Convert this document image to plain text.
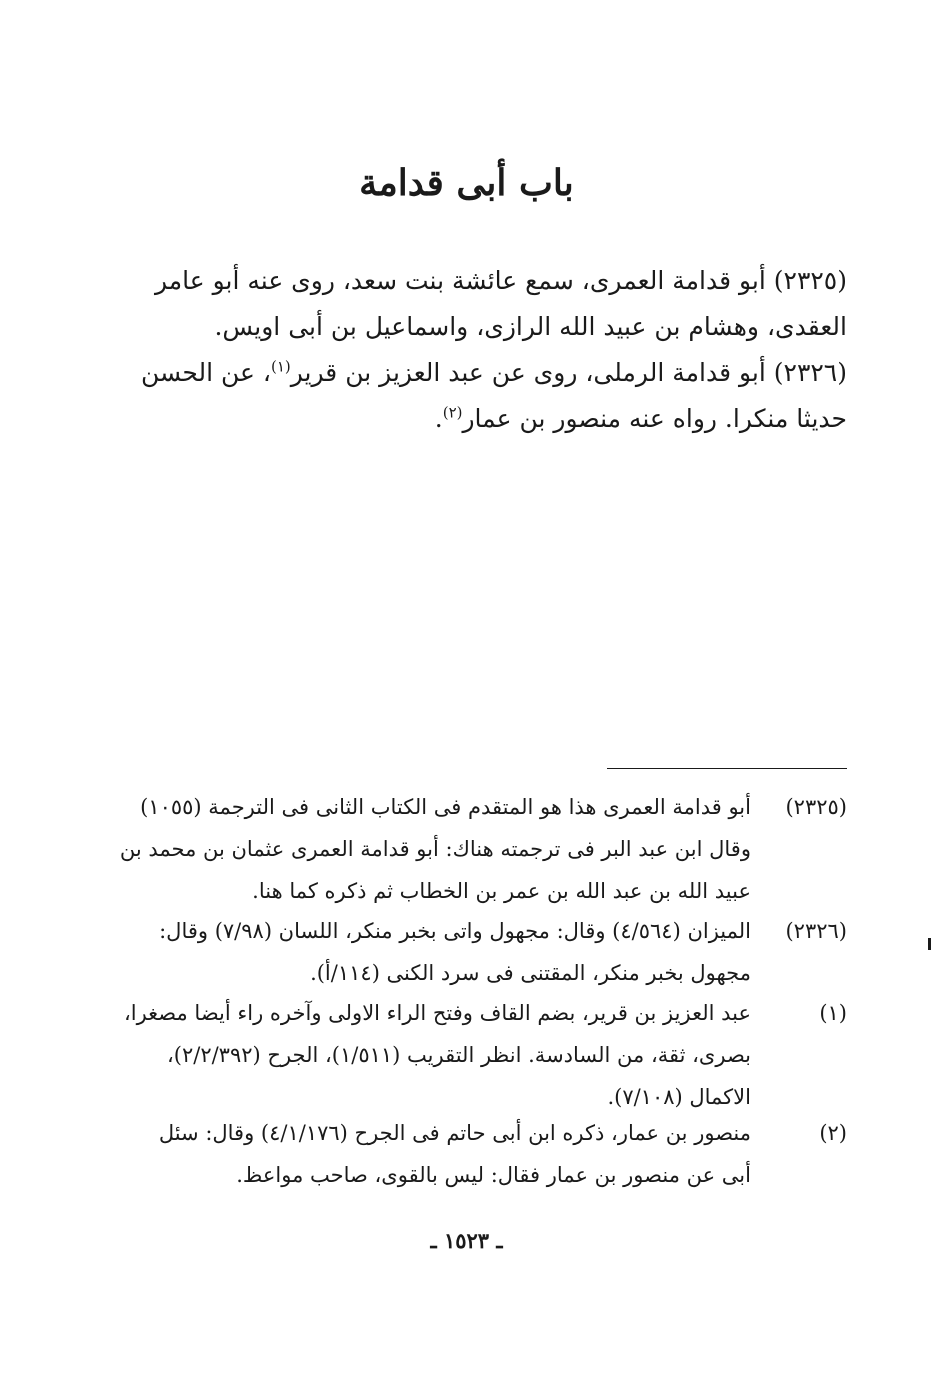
باب أبى قدامة

(٢٣٢٥) أبو قدامة العمرى، سمع عائشة بنت سعد، روى عنه أبو عامر

العقدى، وهشام بن عبيد الله الرازى، واسماعيل بن أبى اويس.

(٢٣٢٦) أبو قدامة الرملى، روى عن عبد العزيز بن قرير$^{(١)}$، عن الحسن

حديثا منكرا. رواه عنه منصور بن عمار$^{(٢)}$.

(٢٣٢٥)
أبو قدامة العمرى هذا هو المتقدم فى الكتاب الثانى فى الترجمة (١٠٥٥)
وقال ابن عبد البر فى ترجمته هناك: أبو قدامة العمرى عثمان بن محمد بن
عبيد الله بن عبد الله بن عمر بن الخطاب ثم ذكره كما هنا.
(٢٣٢٦)
الميزان (٤/٥٦٤) وقال: مجهول واتى بخبر منكر، اللسان (٧/٩٨) وقال:
مجهول بخبر منكر، المقتنى فى سرد الكنى (١١٤/أ).
(١)
عبد العزيز بن قرير، بضم القاف وفتح الراء الاولى وآخره راء أيضا مصغرا،
بصرى، ثقة، من السادسة. انظر التقريب (١/٥١١)، الجرح (٢/٢/٣٩٢)،
الاكمال (٧/١٠٨).
(٢)
منصور بن عمار، ذكره ابن أبى حاتم فى الجرح (٤/١/١٧٦) وقال: سئل
أبى عن منصور بن عمار فقال: ليس بالقوى، صاحب مواعظ.
ـ ١٥٢٣ ـ
